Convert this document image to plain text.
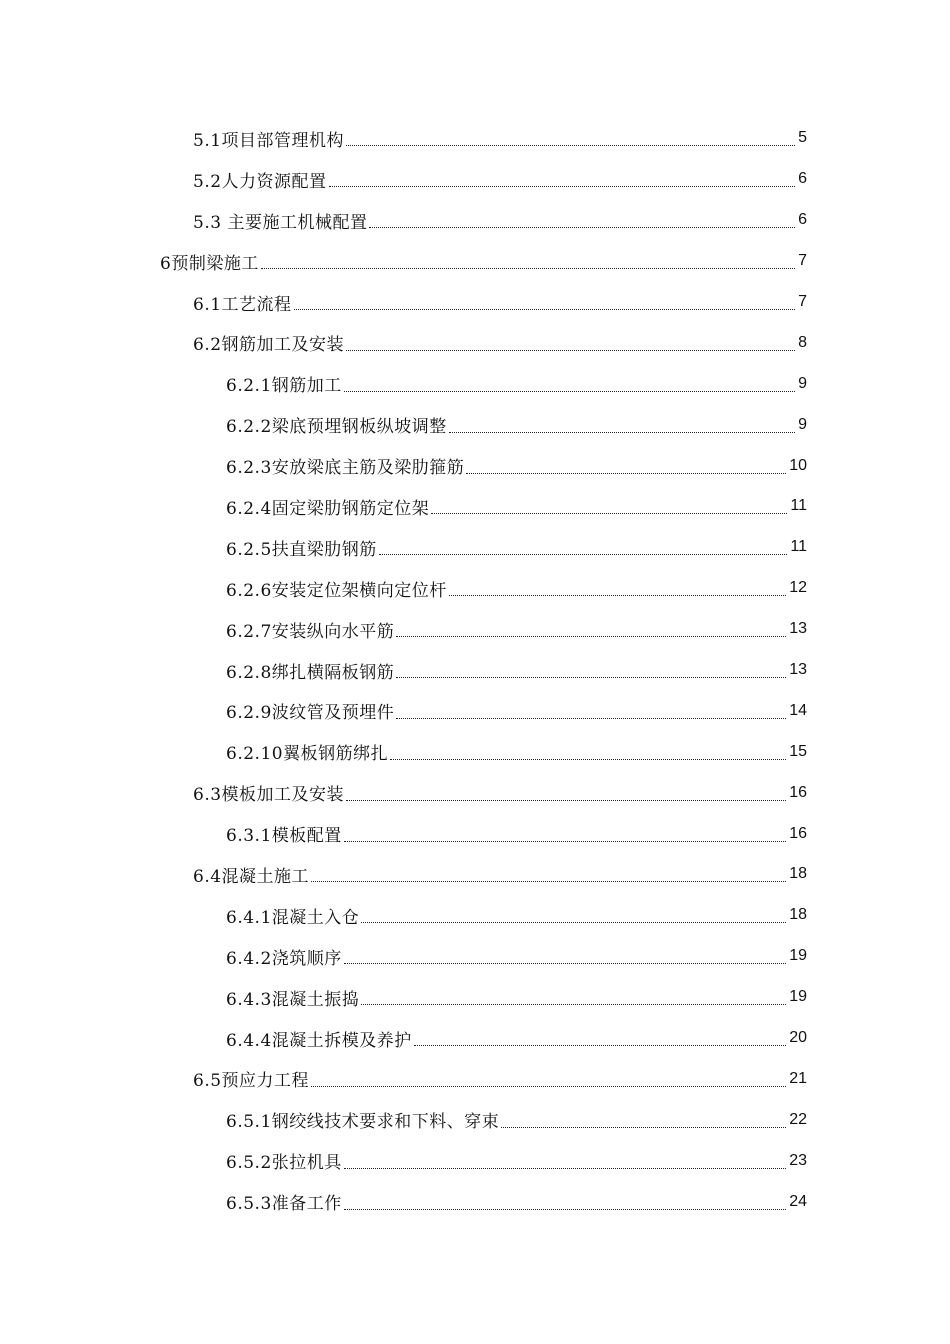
5.1项目部管理机构	5
5.2人力资源配置	6
5.3 主要施工机械配置	6
6预制梁施工	7
6.1工艺流程	7
6.2钢筋加工及安装	8
6.2.1钢筋加工	9
6.2.2梁底预埋钢板纵坡调整	9
6.2.3安放梁底主筋及梁肋箍筋	10
6.2.4固定梁肋钢筋定位架	11
6.2.5扶直梁肋钢筋	11
6.2.6安装定位架横向定位杆	12
6.2.7安装纵向水平筋	13
6.2.8绑扎横隔板钢筋	13
6.2.9波纹管及预埋件	14
6.2.10翼板钢筋绑扎	15
6.3模板加工及安装	16
6.3.1模板配置	16
6.4混凝土施工	18
6.4.1混凝土入仓	18
6.4.2浇筑顺序	19
6.4.3混凝土振捣	19
6.4.4混凝土拆模及养护	20
6.5预应力工程	21
6.5.1钢绞线技术要求和下料、穿束	22
6.5.2张拉机具	23
6.5.3准备工作	24
